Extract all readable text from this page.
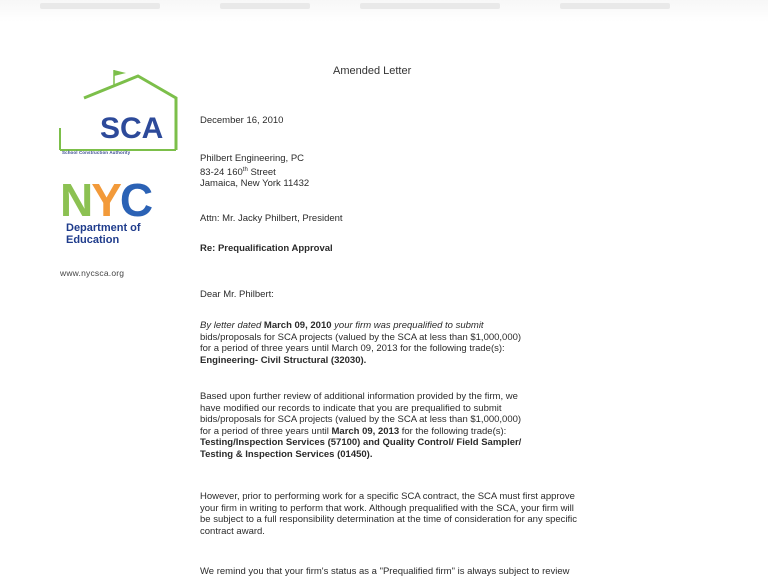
SCA
School Construction Authority
NYC
Department of
Education
www.nycsca.org
Amended Letter
December 16, 2010
Philbert Engineering, PC
83-24 160th Street
Jamaica, New York 11432
Attn: Mr. Jacky Philbert, President
Re: Prequalification Approval
Dear Mr. Philbert:
By letter dated March 09, 2010 your firm was prequalified to submit
bids/proposals for SCA projects (valued by the SCA at less than $1,000,000)
for a period of three years until March 09, 2013 for the following trade(s):
Engineering- Civil Structural (32030).
Based upon further review of additional information provided by the firm, we
have modified our records to indicate that you are prequalified to submit
bids/proposals for SCA projects (valued by the SCA at less than $1,000,000)
for a period of three years until March 09, 2013 for the following trade(s):
Testing/Inspection Services (57100) and Quality Control/ Field Sampler/
Testing & Inspection Services (01450).
However, prior to performing work for a specific SCA contract, the SCA must first approve
your firm in writing to perform that work. Although prequalified with the SCA, your firm will
be subject to a full responsibility determination at the time of consideration for any specific
contract award.
We remind you that your firm's status as a "Prequalified firm" is always subject to review
